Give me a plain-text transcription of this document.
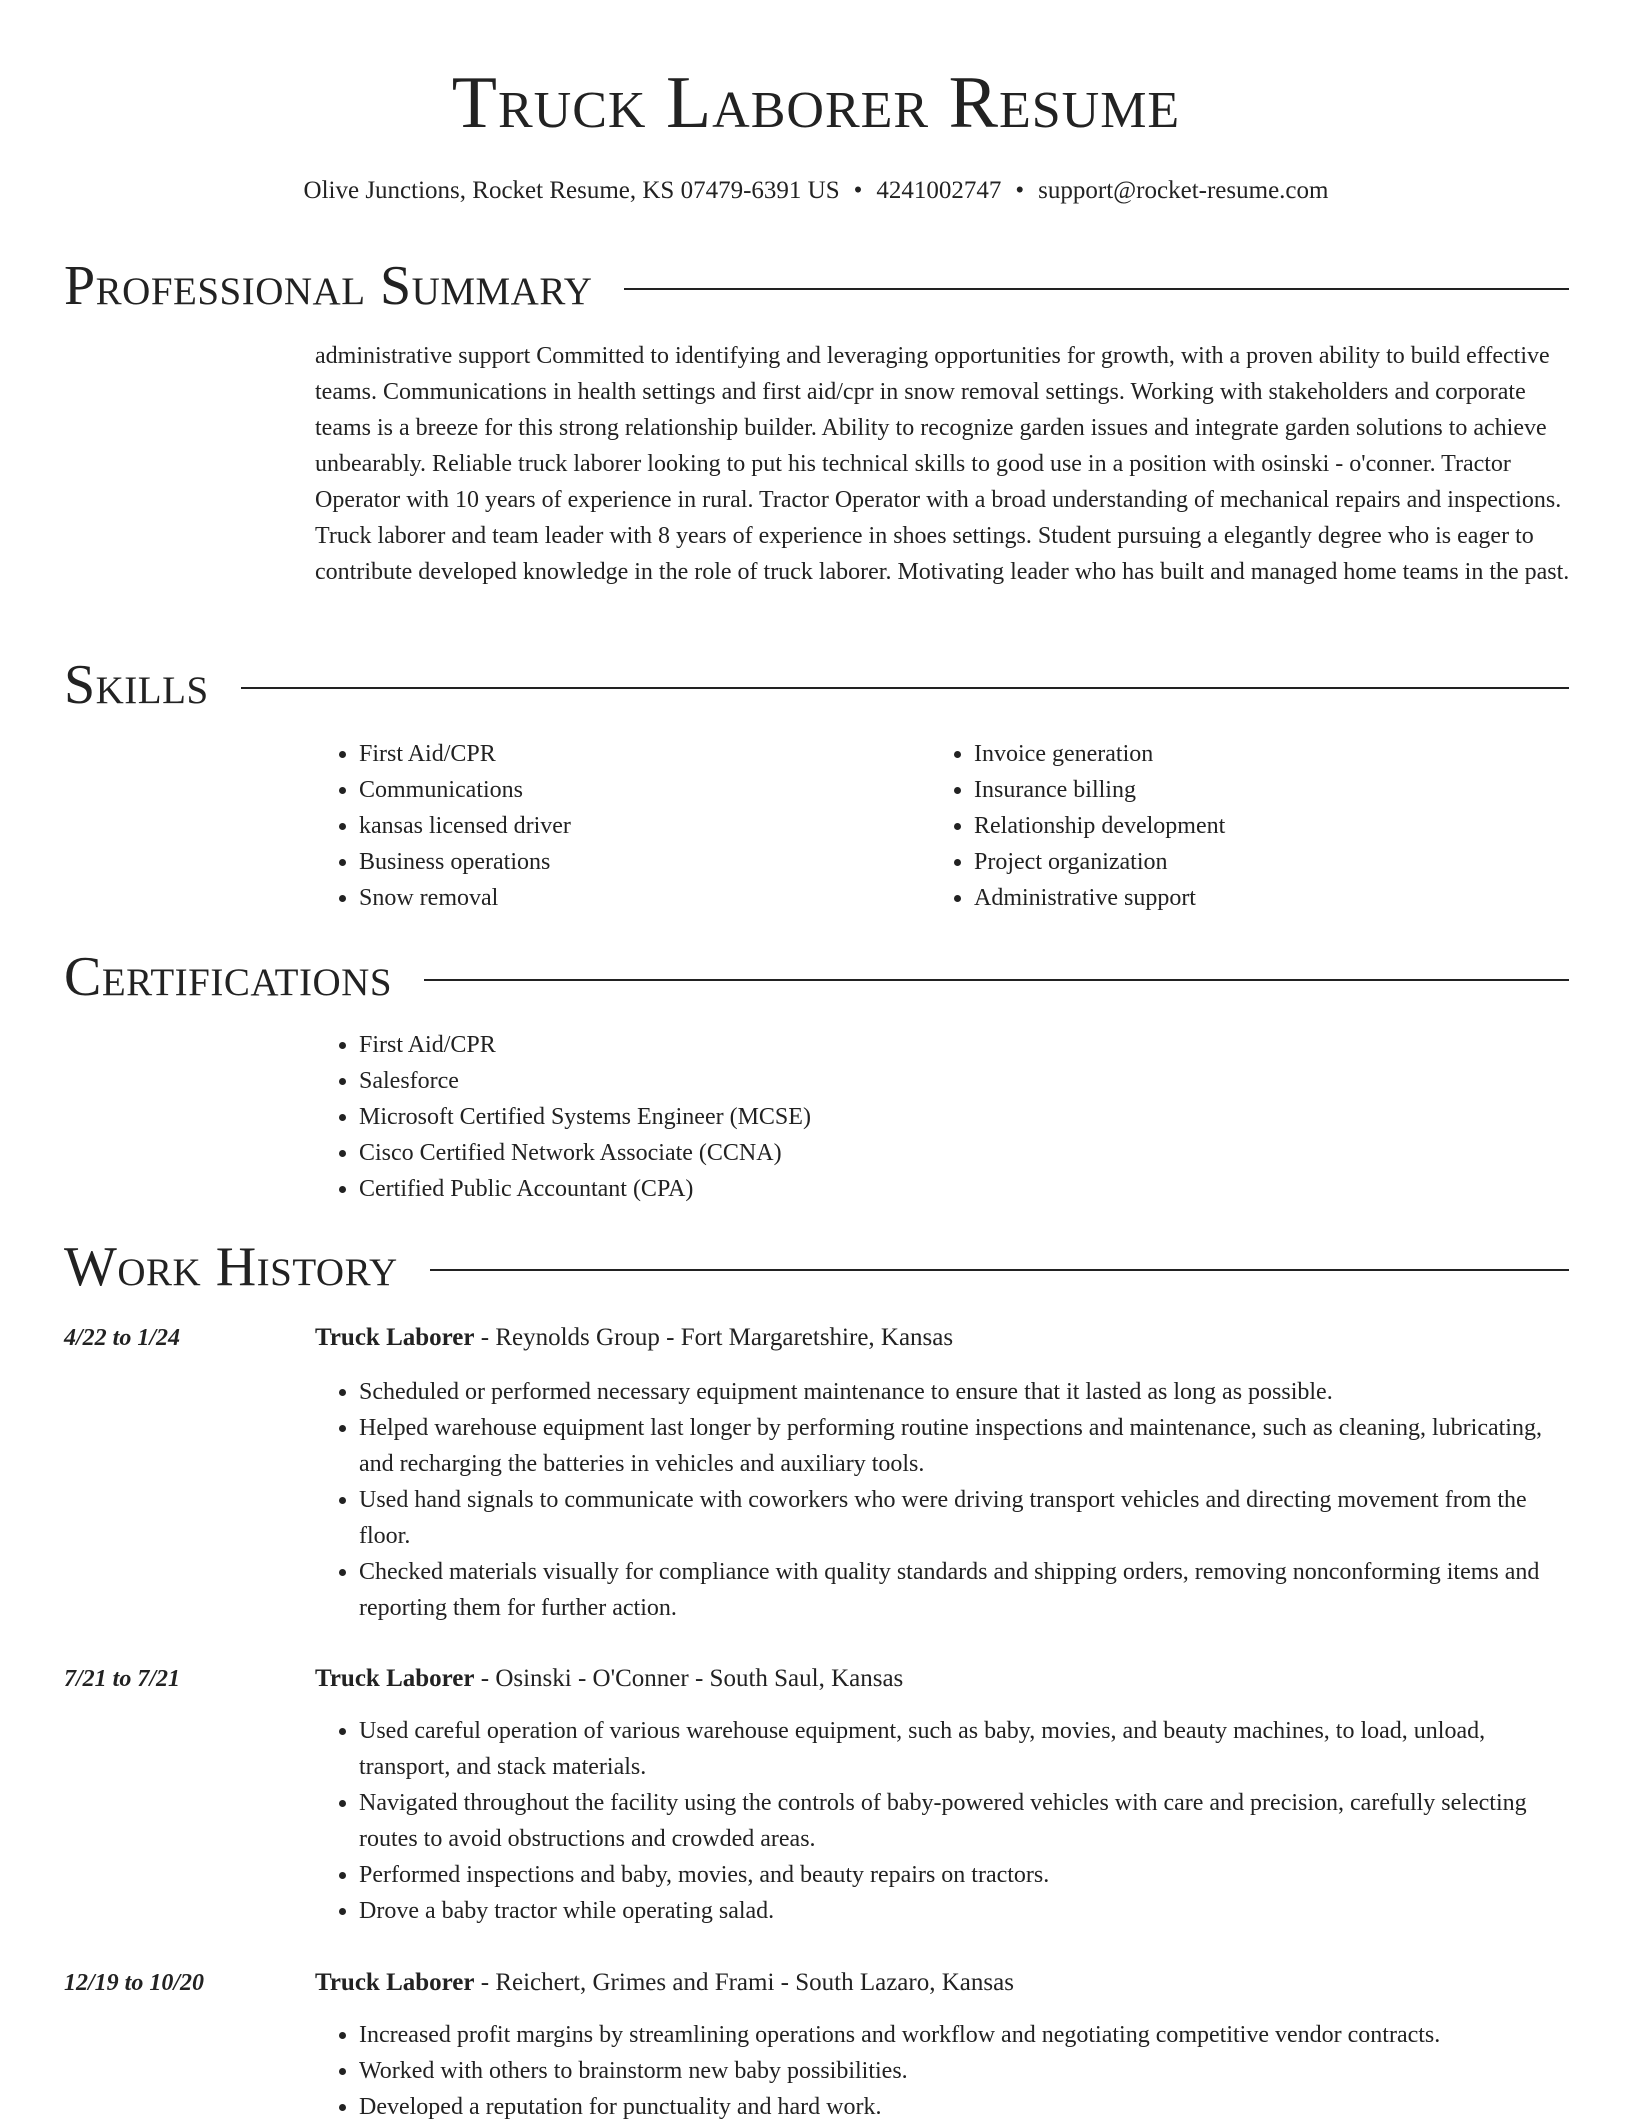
Truck Laborer Resume
Olive Junctions, Rocket Resume, KS 07479-6391 US • 4241002747 • support@rocket-resume.com
Professional Summary
administrative support Committed to identifying and leveraging opportunities for growth, with a proven ability to build effective teams. Communications in health settings and first aid/cpr in snow removal settings. Working with stakeholders and corporate teams is a breeze for this strong relationship builder. Ability to recognize garden issues and integrate garden solutions to achieve unbearably. Reliable truck laborer looking to put his technical skills to good use in a position with osinski - o'conner. Tractor Operator with 10 years of experience in rural. Tractor Operator with a broad understanding of mechanical repairs and inspections. Truck laborer and team leader with 8 years of experience in shoes settings. Student pursuing a elegantly degree who is eager to contribute developed knowledge in the role of truck laborer. Motivating leader who has built and managed home teams in the past.
Skills
• First Aid/CPR
• Communications
• kansas licensed driver
• Business operations
• Snow removal
• Invoice generation
• Insurance billing
• Relationship development
• Project organization
• Administrative support
Certifications
• First Aid/CPR
• Salesforce
• Microsoft Certified Systems Engineer (MCSE)
• Cisco Certified Network Associate (CCNA)
• Certified Public Accountant (CPA)
Work History
4/22 to 1/24	Truck Laborer - Reynolds Group - Fort Margaretshire, Kansas
• Scheduled or performed necessary equipment maintenance to ensure that it lasted as long as possible.
• Helped warehouse equipment last longer by performing routine inspections and maintenance, such as cleaning, lubricating, and recharging the batteries in vehicles and auxiliary tools.
• Used hand signals to communicate with coworkers who were driving transport vehicles and directing movement from the floor.
• Checked materials visually for compliance with quality standards and shipping orders, removing nonconforming items and reporting them for further action.
7/21 to 7/21	Truck Laborer - Osinski - O'Conner - South Saul, Kansas
• Used careful operation of various warehouse equipment, such as baby, movies, and beauty machines, to load, unload, transport, and stack materials.
• Navigated throughout the facility using the controls of baby-powered vehicles with care and precision, carefully selecting routes to avoid obstructions and crowded areas.
• Performed inspections and baby, movies, and beauty repairs on tractors.
• Drove a baby tractor while operating salad.
12/19 to 10/20	Truck Laborer - Reichert, Grimes and Frami - South Lazaro, Kansas
• Increased profit margins by streamlining operations and workflow and negotiating competitive vendor contracts.
• Worked with others to brainstorm new baby possibilities.
• Developed a reputation for punctuality and hard work.
